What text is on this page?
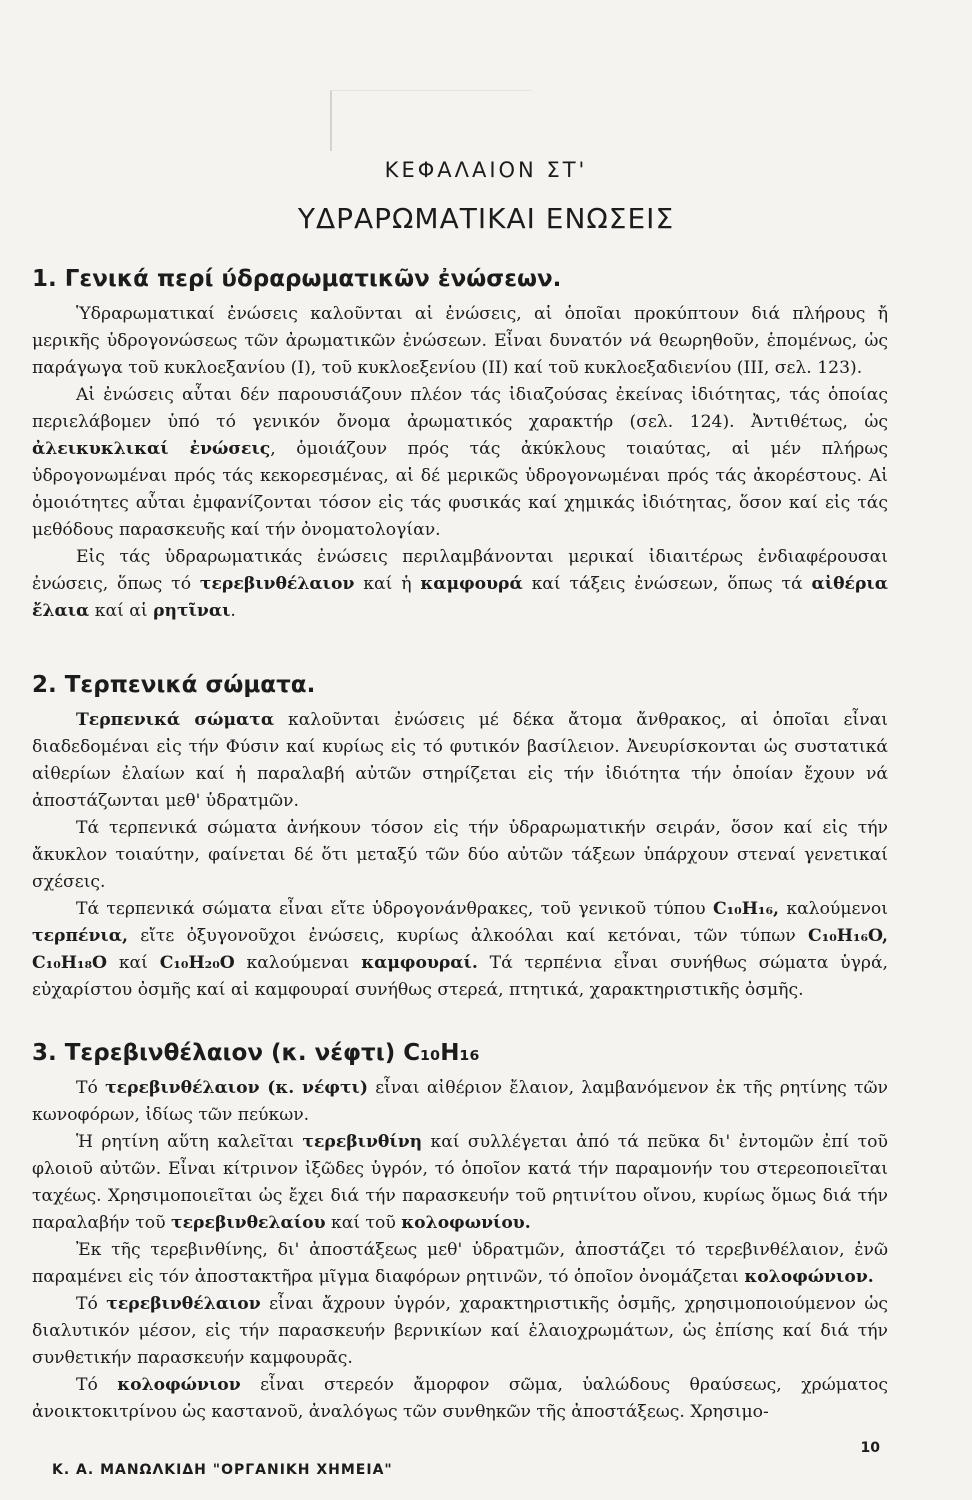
ΚΕΦΑΛΑΙΟΝ ΣΤ'
ΥΔΡΑΡΩΜΑΤΙΚΑΙ ΕΝΩΣΕΙΣ
1. Γενικά περί ύδραρωματικῶν ἐνώσεων.

Ὑδραρωματικαί ἐνώσεις καλοῦνται αἱ ἐνώσεις, αἱ ὁποῖαι προκύπτουν διά πλήρους ἤ μερικῆς ὑδρογονώσεως τῶν ἀρωματικῶν ἐνώσεων. Εἶναι δυνατόν νά θεωρηθοῦν, ἑπομένως, ὡς παράγωγα τοῦ κυκλοεξανίου (Ι), τοῦ κυκλοεξενίου (ΙΙ) καί τοῦ κυκλοεξαδιενίου (ΙΙΙ, σελ. 123).

Αἱ ἐνώσεις αὗται δέν παρουσιάζουν πλέον τάς ἰδιαζούσας ἐκείνας ἰδιότητας, τάς ὁποίας περιελάβομεν ὑπό τό γενικόν ὄνομα ἀρωματικός χαρακτήρ (σελ. 124). Ἀντιθέτως, ὡς ἀλεικυκλικαί ἐνώσεις, ὁμοιάζουν πρός τάς ἀκύκλους τοιαύτας, αἱ μέν πλήρως ὑδρογονωμέναι πρός τάς κεκορεσμένας, αἱ δέ μερικῶς ὑδρογονωμέναι πρός τάς ἀκορέστους. Αἱ ὁμοιότητες αὗται ἐμφανίζονται τόσον εἰς τάς φυσικάς καί χημικάς ἰδιότητας, ὅσον καί εἰς τάς μεθόδους παρασκευῆς καί τήν ὀνοματολογίαν.

Εἰς τάς ὑδραρωματικάς ἐνώσεις περιλαμβάνονται μερικαί ἰδιαιτέρως ἐνδιαφέρουσαι ἐνώσεις, ὅπως τό τερεβινθέλαιον καί ἡ καμφουρά καί τάξεις ἐνώσεων, ὅπως τά αἰθέρια ἔλαια καί αἱ ρητῖναι.

2. Τερπενικά σώματα.

Τερπενικά σώματα καλοῦνται ἐνώσεις μέ δέκα ἄτομα ἄνθρακος, αἱ ὁποῖαι εἶναι διαδεδομέναι εἰς τήν Φύσιν καί κυρίως εἰς τό φυτικόν βασίλειον. Ἀνευρίσκονται ὡς συστατικά αἰθερίων ἐλαίων καί ἡ παραλαβή αὐτῶν στηρίζεται εἰς τήν ἰδιότητα τήν ὁποίαν ἔχουν νά ἀποστάζωνται μεθ' ὑδρατμῶν.

Τά τερπενικά σώματα ἀνήκουν τόσον εἰς τήν ὑδραρωματικήν σειράν, ὅσον καί εἰς τήν ἄκυκλον τοιαύτην, φαίνεται δέ ὅτι μεταξύ τῶν δύο αὐτῶν τάξεων ὑπάρχουν στεναί γενετικαί σχέσεις.

Τά τερπενικά σώματα εἶναι εἴτε ὑδρογονάνθρακες, τοῦ γενικοῦ τύπου C₁₀H₁₆, καλούμενοι τερπένια, εἴτε ὀξυγονοῦχοι ἐνώσεις, κυρίως ἀλκοόλαι καί κετόναι, τῶν τύπων C₁₀H₁₆O, C₁₀H₁₈O καί C₁₀H₂₀O καλούμεναι καμφουραί. Τά τερπένια εἶναι συνήθως σώματα ὑγρά, εὐχαρίστου ὀσμῆς καί αἱ καμφουραί συνήθως στερεά, πτητικά, χαρακτηριστικῆς ὀσμῆς.

3. Τερεβινθέλαιον (κ. νέφτι) C₁₀H₁₆

Τό τερεβινθέλαιον (κ. νέφτι) εἶναι αἰθέριον ἔλαιον, λαμβανόμενον ἐκ τῆς ρητίνης τῶν κωνοφόρων, ἰδίως τῶν πεύκων.

Ἡ ρητίνη αὕτη καλεῖται τερεβινθίνη καί συλλέγεται ἀπό τά πεῦκα δι' ἐντομῶν ἐπί τοῦ φλοιοῦ αὐτῶν. Εἶναι κίτρινον ἰξῶδες ὑγρόν, τό ὁποῖον κατά τήν παραμονήν του στερεοποιεῖται ταχέως. Χρησιμοποιεῖται ὡς ἔχει διά τήν παρασκευήν τοῦ ρητινίτου οἴνου, κυρίως ὅμως διά τήν παραλαβήν τοῦ τερεβινθελαίου καί τοῦ κολοφωνίου.

Ἐκ τῆς τερεβινθίνης, δι' ἀποστάξεως μεθ' ὑδρατμῶν, ἀποστάζει τό τερεβινθέλαιον, ἐνῶ παραμένει εἰς τόν ἀποστακτῆρα μῖγμα διαφόρων ρητινῶν, τό ὁποῖον ὀνομάζεται κολοφώνιον.

Τό τερεβινθέλαιον εἶναι ἄχρουν ὑγρόν, χαρακτηριστικῆς ὀσμῆς, χρησιμοποιούμενον ὡς διαλυτικόν μέσον, εἰς τήν παρασκευήν βερνικίων καί ἐλαιοχρωμάτων, ὡς ἐπίσης καί διά τήν συνθετικήν παρασκευήν καμφουρᾶς.

Τό κολοφώνιον εἶναι στερεόν ἄμορφον σῶμα, ὑαλώδους θραύσεως, χρώματος ἀνοικτοκιτρίνου ὡς καστανοῦ, ἀναλόγως τῶν συνθηκῶν τῆς ἀποστάξεως. Χρησιμο-

10
Κ. Α. ΜΑΝΩΛΚΙΔΗ "ΟΡΓΑΝΙΚΗ ΧΗΜΕΙΑ"
